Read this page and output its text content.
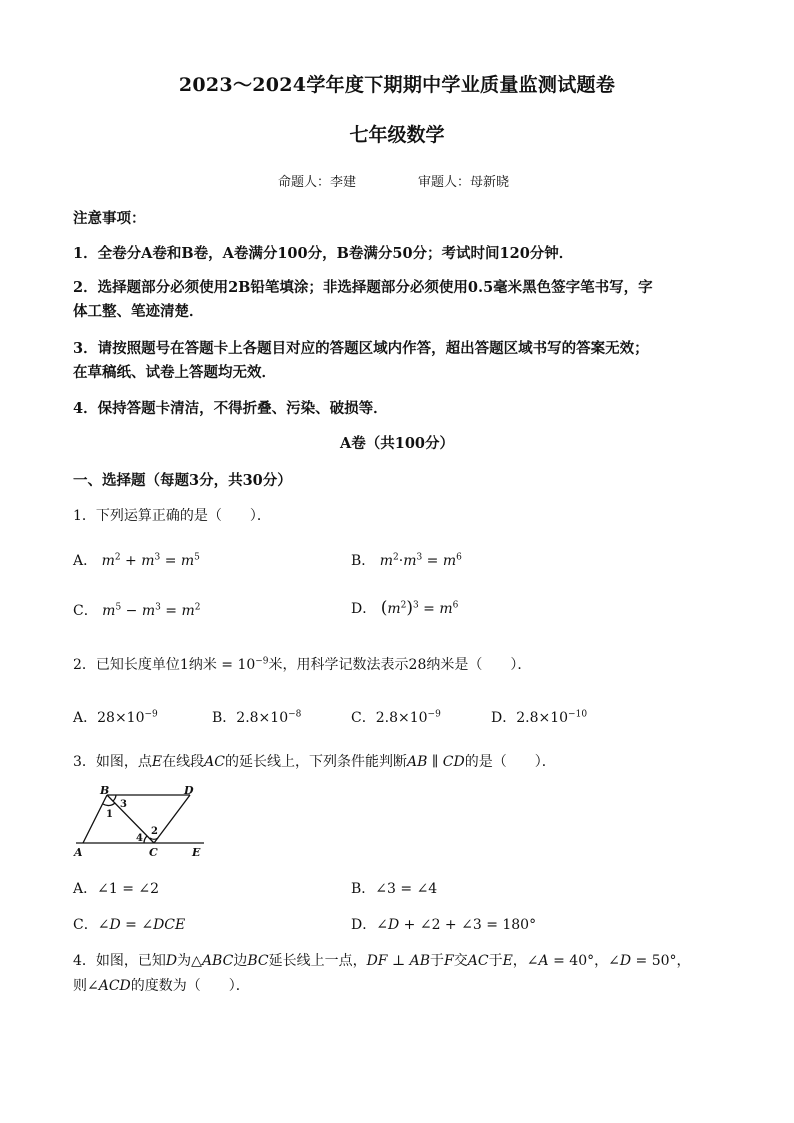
2023～2024学年度下期期中学业质量监测试题卷
七年级数学
命题人：李建	审题人：母新晓
注意事项：
1．全卷分A卷和B卷，A卷满分100分，B卷满分50分；考试时间120分钟．
2．选择题部分必须使用2B铅笔填涂；非选择题部分必须使用0.5毫米黑色签字笔书写，字
体工整、笔迹清楚．
3．请按照题号在答题卡上各题目对应的答题区域内作答，超出答题区域书写的答案无效；
在草稿纸、试卷上答题均无效．
4．保持答题卡清洁，不得折叠、污染、破损等．
A卷（共100分）
一、选择题（每题3分，共30分）
1．下列运算正确的是（　　）．
A． $m^2 + m^3 = m^5$	B． $m^2\cdot m^3 = m^6$
C． $m^5 - m^3 = m^2$	D． $(m^2)^3 = m^6$
2．已知长度单位1纳米 = $10^{-9}$米，用科学记数法表示28纳米是（　　）．
A．$28\times 10^{-9}$	B．$2.8\times 10^{-8}$	C．$2.8\times 10^{-9}$	D．$2.8\times 10^{-10}$
3．如图，点E在线段AC的延长线上，下列条件能判断AB ∥ CD的是（　　）．
B	D
A	C	E
1
3
4
2
A．∠1 = ∠2	B．∠3 = ∠4
C．∠D = ∠DCE	D．∠D + ∠2 + ∠3 = 180°
4．如图，已知D为△ABC边BC延长线上一点，DF ⊥ AB于F交AC于E，∠A = 40°，∠D = 50°，
则∠ACD的度数为（　　）．
